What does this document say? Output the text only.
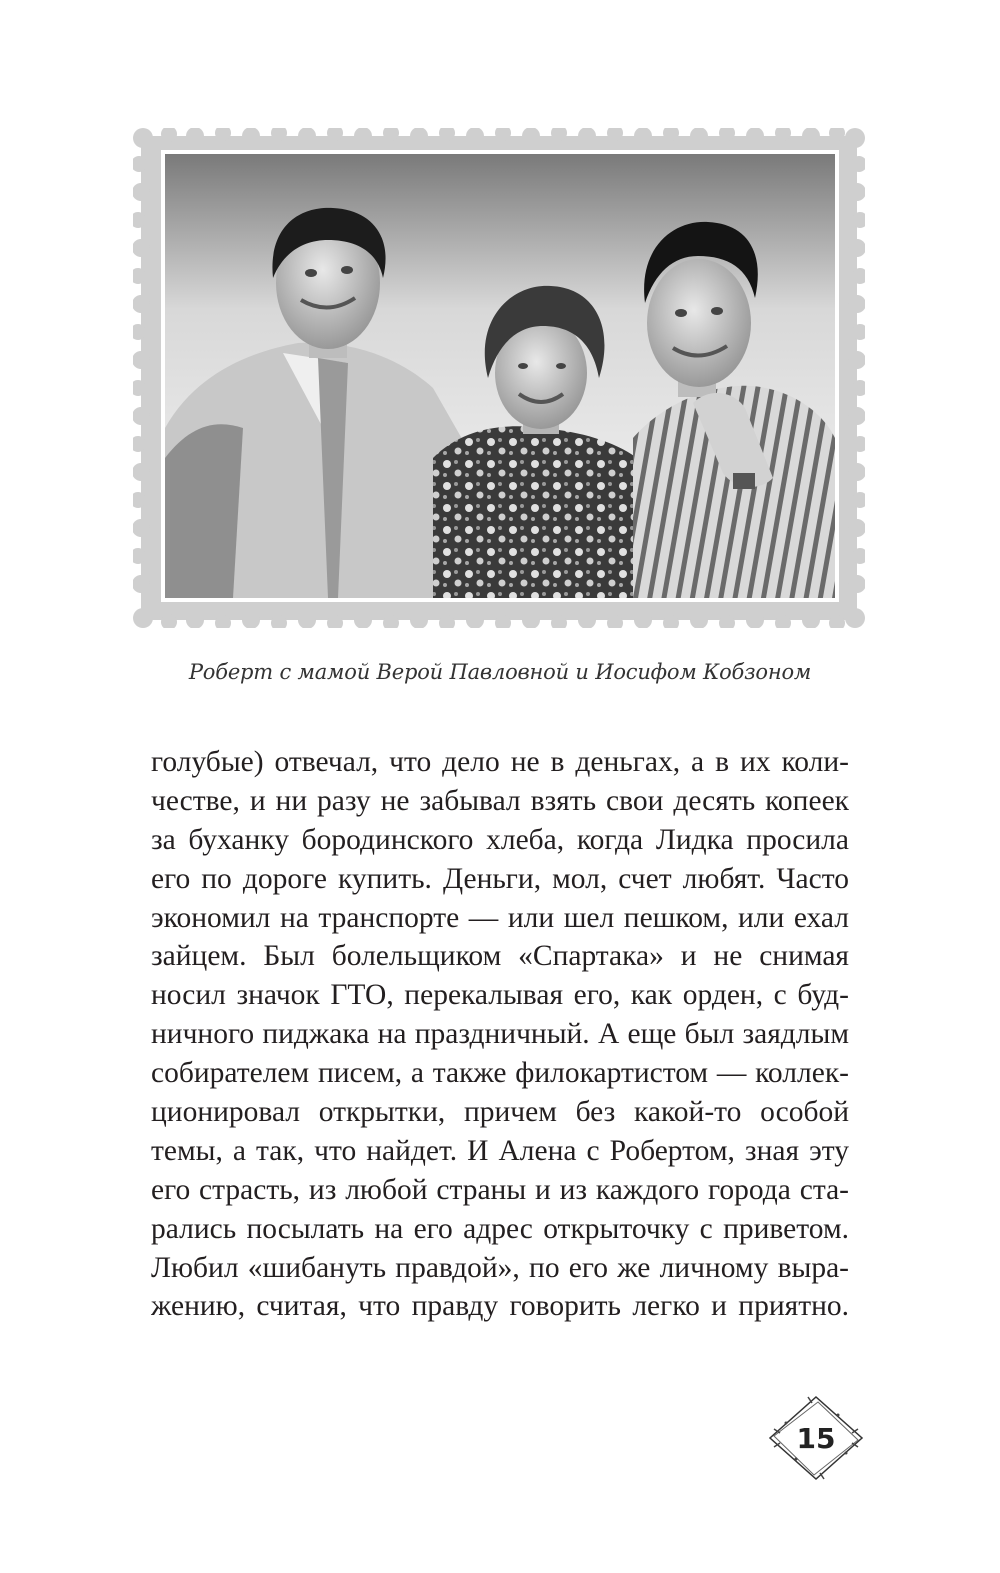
Роберт с мамой Верой Павловной и Иосифом Кобзоном
голубые) отвечал, что дело не в деньгах, а в их коли-
честве, и ни разу не забывал взять свои десять копеек
за буханку бородинского хлеба, когда Лидка просила
его по дороге купить. Деньги, мол, счет любят. Часто
экономил на транспорте — или шел пешком, или ехал
зайцем. Был болельщиком «Спартака» и не снимая
носил значок ГТО, перекалывая его, как орден, с буд-
ничного пиджака на праздничный. А еще был заядлым
собирателем писем, а также филокартистом — коллек-
ционировал открытки, причем без какой-то особой
темы, а так, что найдет. И Алена с Робертом, зная эту
его страсть, из любой страны и из каждого города ста-
рались посылать на его адрес открыточку с приветом.
Любил «шибануть правдой», по его же личному выра-
жению, считая, что правду говорить легко и приятно.
15
